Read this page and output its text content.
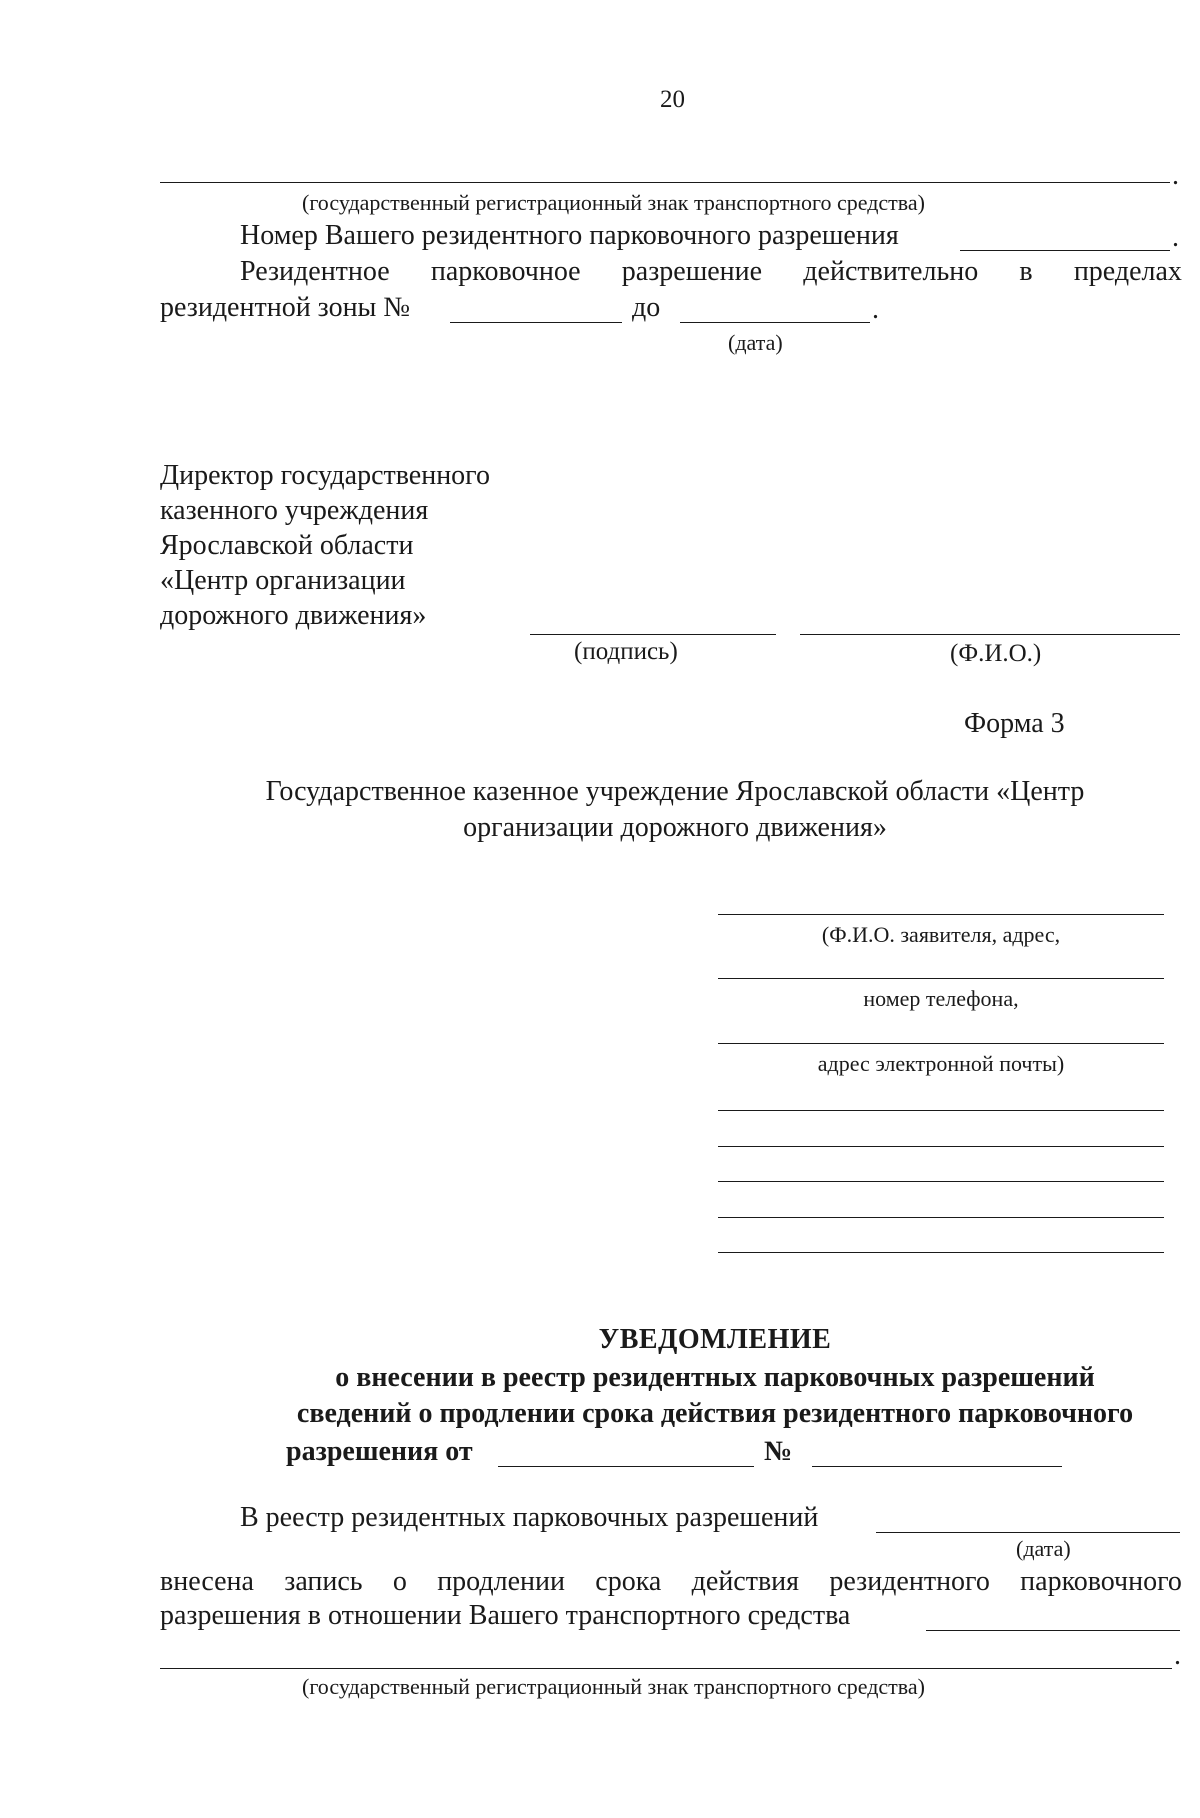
20
.
(государственный регистрационный знак транспортного средства)
Номер Вашего резидентного парковочного разрешения	.
Резидентное парковочное разрешение действительно в пределах
резидентной зоны №	до	.
(дата)
Директор государственного
казенного учреждения
Ярославской области
«Центр организации
дорожного движения»
(подпись)	(Ф.И.О.)
Форма 3
Государственное казенное учреждение Ярославской области «Центр
организации дорожного движения»
(Ф.И.О. заявителя, адрес,
номер телефона,
адрес электронной почты)
УВЕДОМЛЕНИЕ
о внесении в реестр резидентных парковочных разрешений
сведений о продлении срока действия резидентного парковочного
разрешения от	№
В реестр резидентных парковочных разрешений
(дата)
внесена запись о продлении срока действия резидентного парковочного
разрешения в отношении Вашего транспортного средства
.
(государственный регистрационный знак транспортного средства)
